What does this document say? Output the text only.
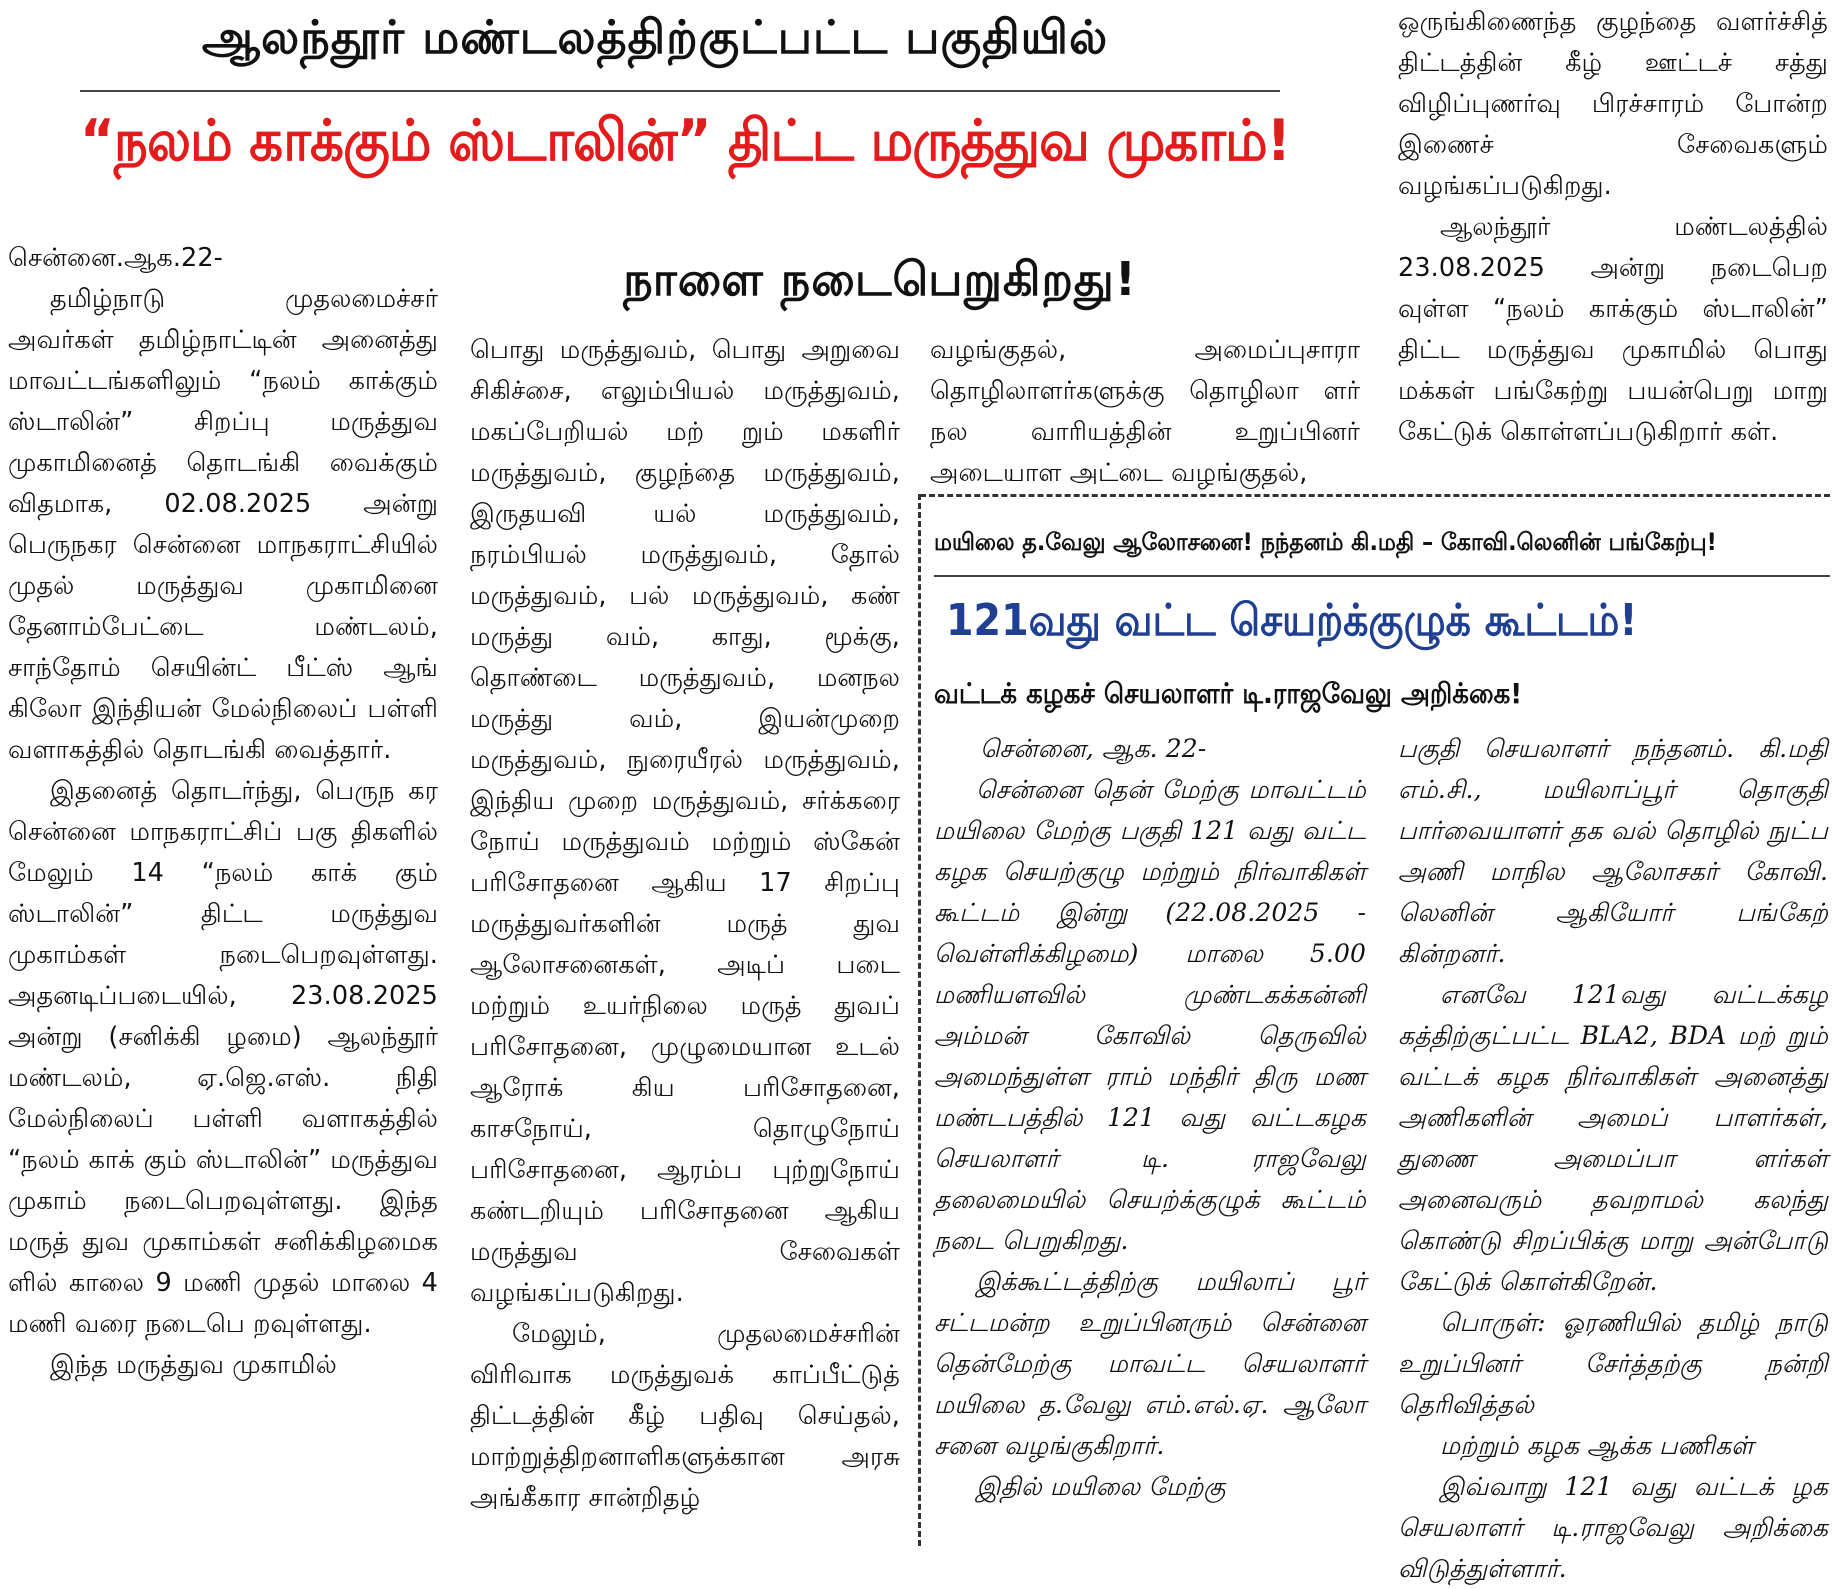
ஆலந்தூர் மண்டலத்திற்குட்பட்ட பகுதியில்
“நலம் காக்கும் ஸ்டாலின்” திட்ட மருத்துவ முகாம்!
நாளை நடைபெறுகிறது!

சென்னை.ஆக.22-

தமிழ்நாடு முதலமைச்சர் அவர்கள் தமிழ்நாட்டின் அனைத்து மாவட்டங்களிலும் “நலம் காக்கும் ஸ்டாலின்” சிறப்பு மருத்துவ முகாமினைத் தொடங்கி வைக்கும் விதமாக, 02.08.2025 அன்று பெருநகர சென்னை மாநகராட்சியில் முதல் மருத்துவ முகாமினை தேனாம்பேட்டை மண்டலம், சாந்தோம் செயின்ட் பீட்ஸ் ஆங் கிலோ இந்தியன் மேல்நிலைப் பள்ளி வளாகத்தில் தொடங்கி வைத்தார்.

இதனைத் தொடர்ந்து, பெருந கர சென்னை மாநகராட்சிப் பகு திகளில் மேலும் 14 “நலம் காக் கும் ஸ்டாலின்” திட்ட மருத்துவ முகாம்கள் நடைபெறவுள்ளது. அதனடிப்படையில், 23.08.2025 அன்று (சனிக்கி ழமை) ஆலந்தூர் மண்டலம், ஏ.ஜெ.எஸ். நிதி மேல்நிலைப் பள்ளி வளாகத்தில் “நலம் காக் கும் ஸ்டாலின்” மருத்துவ முகாம் நடைபெறவுள்ளது. இந்த மருத் துவ முகாம்கள் சனிக்கிழமைக ளில் காலை 9 மணி முதல் மாலை 4 மணி வரை நடைபெ றவுள்ளது.

இந்த மருத்துவ முகாமில்

பொது மருத்துவம், பொது அறுவை சிகிச்சை, எலும்பியல் மருத்துவம், மகப்பேறியல் மற் றும் மகளிர் மருத்துவம், குழந்தை மருத்துவம், இருதயவி யல் மருத்துவம், நரம்பியல் மருத்துவம், தோல் மருத்துவம், பல் மருத்துவம், கண் மருத்து வம், காது, மூக்கு, தொண்டை மருத்துவம், மனநல மருத்து வம், இயன்முறை மருத்துவம், நுரையீரல் மருத்துவம், இந்திய முறை மருத்துவம், சர்க்கரை நோய் மருத்துவம் மற்றும் ஸ்கேன் பரிசோதனை ஆகிய 17 சிறப்பு மருத்துவர்களின் மருத் துவ ஆலோசனைகள், அடிப் படை மற்றும் உயர்நிலை மருத் துவப் பரிசோதனை, முழுமையான உடல் ஆரோக் கிய பரிசோதனை, காசநோய், தொழுநோய் பரிசோதனை, ஆரம்ப புற்றுநோய் கண்டறியும் பரிசோதனை ஆகிய மருத்துவ சேவைகள் வழங்கப்படுகிறது.

மேலும், முதலமைச்சரின் விரிவாக மருத்துவக் காப்பீட்டுத் திட்டத்தின் கீழ் பதிவு செய்தல், மாற்றுத்திறனாளிகளுக்கான அரசு அங்கீகார சான்றிதழ்

வழங்குதல், அமைப்புசாரா தொழிலாளர்களுக்கு தொழிலா ளர் நல வாரியத்தின் உறுப்பினர் அடையாள அட்டை வழங்குதல்,

ஒருங்கிணைந்த குழந்தை வளர்ச்சித் திட்டத்தின் கீழ் ஊட்டச் சத்து விழிப்புணர்வு பிரச்சாரம் போன்ற இணைச் சேவைகளும் வழங்கப்படுகிறது.

ஆலந்தூர் மண்டலத்தில் 23.08.2025 அன்று நடைபெற வுள்ள “நலம் காக்கும் ஸ்டாலின்” திட்ட மருத்துவ முகாமில் பொது மக்கள் பங்கேற்று பயன்பெறு மாறு கேட்டுக் கொள்ளப்படுகிறார் கள்.

மயிலை த.வேலு ஆலோசனை! நந்தனம் கி.மதி – கோவி.லெனின் பங்கேற்பு!
121வது வட்ட செயற்க்குழுக் கூட்டம்!
வட்டக் கழகச் செயலாளர் டி.ராஜவேலு அறிக்கை!

சென்னை, ஆக. 22-

சென்னை தென் மேற்கு மாவட்டம் மயிலை மேற்கு பகுதி 121 வது வட்ட கழக செயற்குழு மற்றும் நிர்வாகிகள் கூட்டம் இன்று (22.08.2025 - வெள்ளிக்கிழமை) மாலை 5.00 மணியளவில் முண்டகக்கன்னி அம்மன் கோவில் தெருவில் அமைந்துள்ள ராம் மந்திர் திரு மண மண்டபத்தில் 121 வது வட்டகழக செயலாளர் டி. ராஜவேலு தலைமையில் செயற்க்குழுக் கூட்டம் நடை பெறுகிறது.

இக்கூட்டத்திற்கு மயிலாப் பூர் சட்டமன்ற உறுப்பினரும் சென்னை தென்மேற்கு மாவட்ட செயலாளர் மயிலை த.வேலு எம்.எல்.ஏ. ஆலோ சனை வழங்குகிறார்.

இதில் மயிலை மேற்கு

பகுதி செயலாளர் நந்தனம். கி.மதி எம்.சி., மயிலாப்பூர் தொகுதி பார்வையாளர் தக வல் தொழில் நுட்ப அணி மாநில ஆலோசகர் கோவி. லெனின் ஆகியோர் பங்கேற் கின்றனர்.

எனவே 121வது வட்டக்கழ கத்திற்குட்பட்ட BLA2, BDA மற் றும் வட்டக் கழக நிர்வாகிகள் அனைத்து அணிகளின் அமைப் பாளர்கள், துணை அமைப்பா ளர்கள் அனைவரும் தவறாமல் கலந்து கொண்டு சிறப்பிக்கு மாறு அன்போடு கேட்டுக் கொள்கிறேன்.

பொருள்: ஓரணியில் தமிழ் நாடு உறுப்பினர் சேர்த்தற்கு நன்றி தெரிவித்தல்

மற்றும் கழக ஆக்க பணிகள்

இவ்வாறு 121 வது வட்டக் ழக செயலாளர் டி.ராஜவேலு அறிக்கை விடுத்துள்ளார்.
